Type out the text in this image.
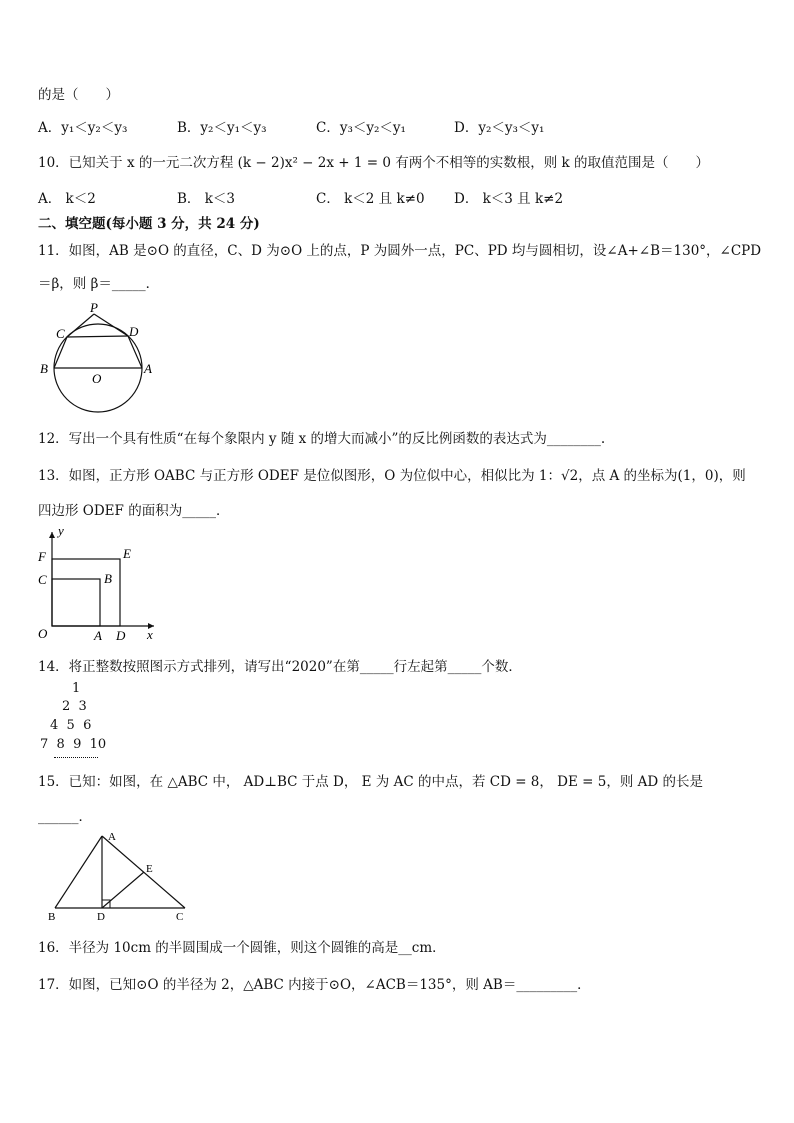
的是（　　）
A．y₁＜y₂＜y₃	B．y₂＜y₁＜y₃	C．y₃＜y₂＜y₁	D．y₂＜y₃＜y₁
10．已知关于 x 的一元二次方程 (k − 2)x² − 2x + 1 = 0 有两个不相等的实数根，则 k 的取值范围是（　　）
A． k＜2	B． k＜3	C． k＜2 且 k≠0 D． k＜3 且 k≠2
二、填空题(每小题 3 分，共 24 分)
11．如图，AB 是⊙O 的直径，C、D 为⊙O 上的点，P 为圆外一点，PC、PD 均与圆相切，设∠A+∠B＝130°，∠CPD
＝β，则 β＝_____．
P
C	D
B	A
O
12．写出一个具有性质“在每个象限内 y 随 x 的增大而减小”的反比例函数的表达式为________.
13．如图，正方形 OABC 与正方形 ODEF 是位似图形，O 为位似中心，相似比为 1：√2，点 A 的坐标为(1，0)，则
四边形 ODEF 的面积为_____．
y
x
F	E
C	B
O	A D
14．将正整数按照图示方式排列，请写出“2020”在第_____行左起第_____个数．
1
2  3
4  5  6
7  8  9  10
15．已知：如图，在 △ABC 中， AD⊥BC 于点 D， E 为 AC 的中点，若 CD = 8， DE = 5，则 AD 的长是
______．
A
B	C
D
E
16．半径为 10cm 的半圆围成一个圆锥，则这个圆锥的高是__cm．
17．如图，已知⊙O 的半径为 2，△ABC 内接于⊙O，∠ACB＝135°，则 AB＝_________．
